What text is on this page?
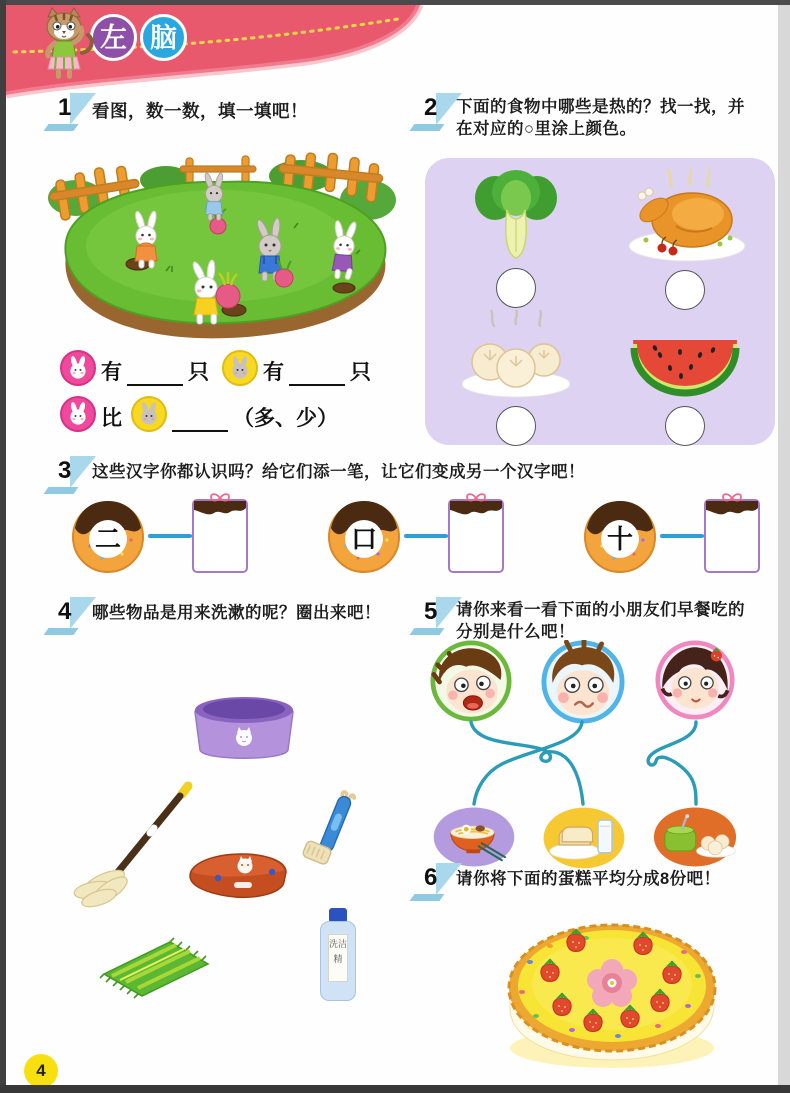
左 脑
1 看图，数一数，填一填吧！
有	只	有	只
比	（多、少）
2 下面的食物中哪些是热的？找一找，并
在对应的○里涂上颜色。
3 这些汉字你都认识吗？给它们添一笔，让它们变成另一个汉字吧！
二	口	十
4 哪些物品是用来洗漱的呢？圈出来吧！
洗洁精
5 请你来看一看下面的小朋友们早餐吃的
分别是什么吧！
6 请你将下面的蛋糕平均分成8份吧！
4
